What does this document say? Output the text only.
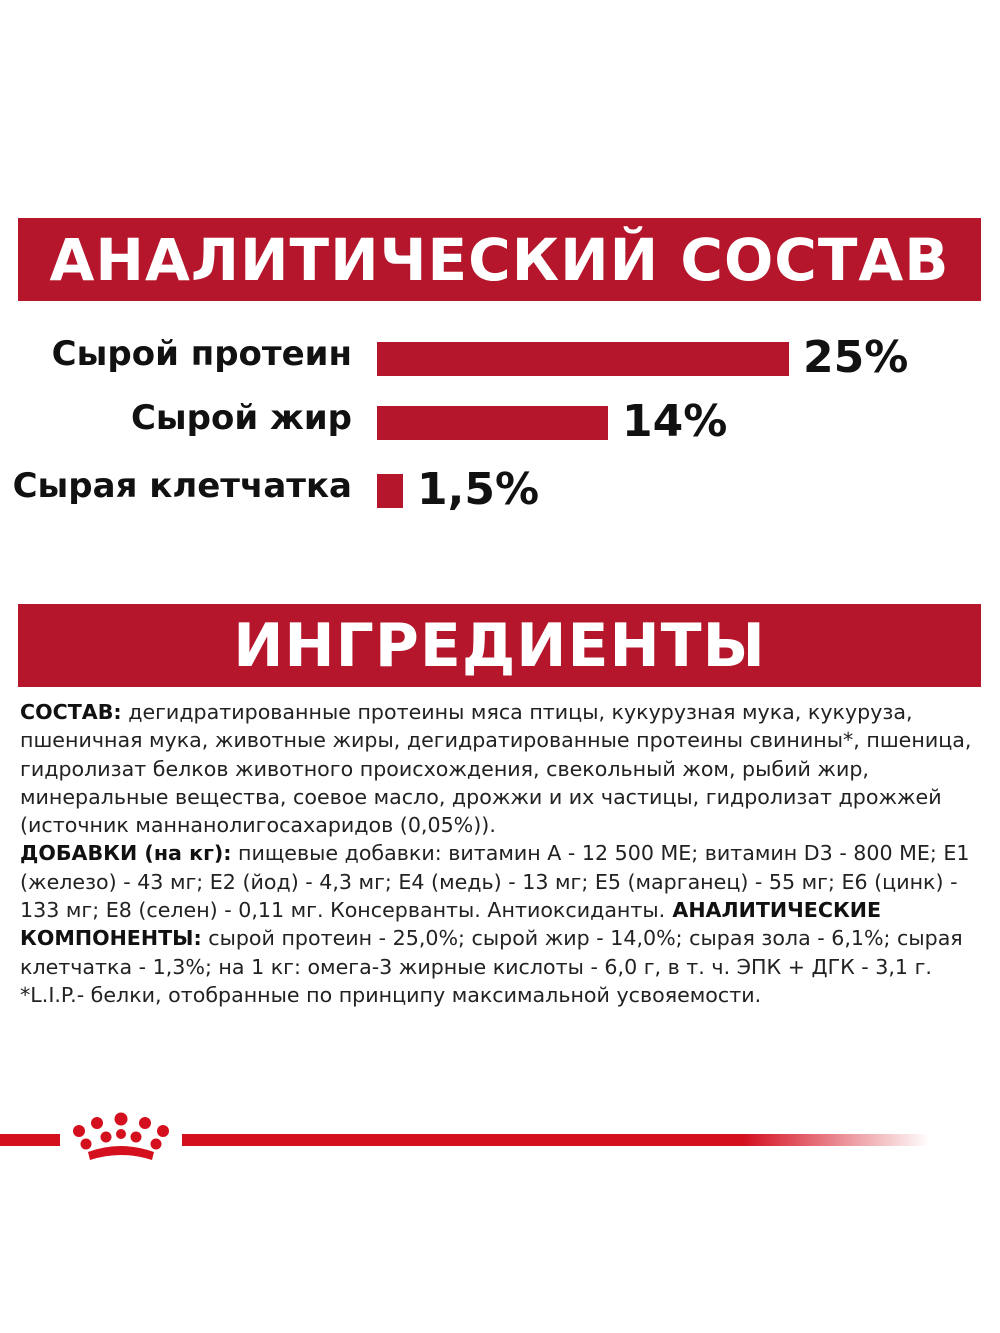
АНАЛИТИЧЕСКИЙ СОСТАВ
Сырой протеин	25%
Сырой жир	14%
Сырая клетчатка 1,5%
ИНГРЕДИЕНТЫ
СОСТАВ: дегидратированные протеины мяса птицы, кукурузная мука, кукуруза, пшеничная мука, животные жиры, дегидратированные протеины свинины*, пшеница, гидролизат белков животного происхождения, свекольный жом, рыбий жир, минеральные вещества, соевое масло, дрожжи и их частицы, гидролизат дрожжей (источник маннанолигосахаридов (0,05%)).
ДОБАВКИ (на кг): пищевые добавки: витамин А - 12 500 МЕ; витамин D3 - 800 МЕ; Е1 (железо) - 43 мг; Е2 (йод) - 4,3 мг; Е4 (медь) - 13 мг; Е5 (марганец) - 55 мг; Е6 (цинк) - 133 мг; Е8 (селен) - 0,11 мг. Консерванты. Антиоксиданты. АНАЛИТИЧЕСКИЕ КОМПОНЕНТЫ: сырой протеин - 25,0%; сырой жир - 14,0%; сырая зола - 6,1%; сырая клетчатка - 1,3%; на 1 кг: омега-3 жирные кислоты - 6,0 г, в т. ч. ЭПК + ДГК - 3,1 г.
*L.I.P.- белки, отобранные по принципу максимальной усвояемости.
